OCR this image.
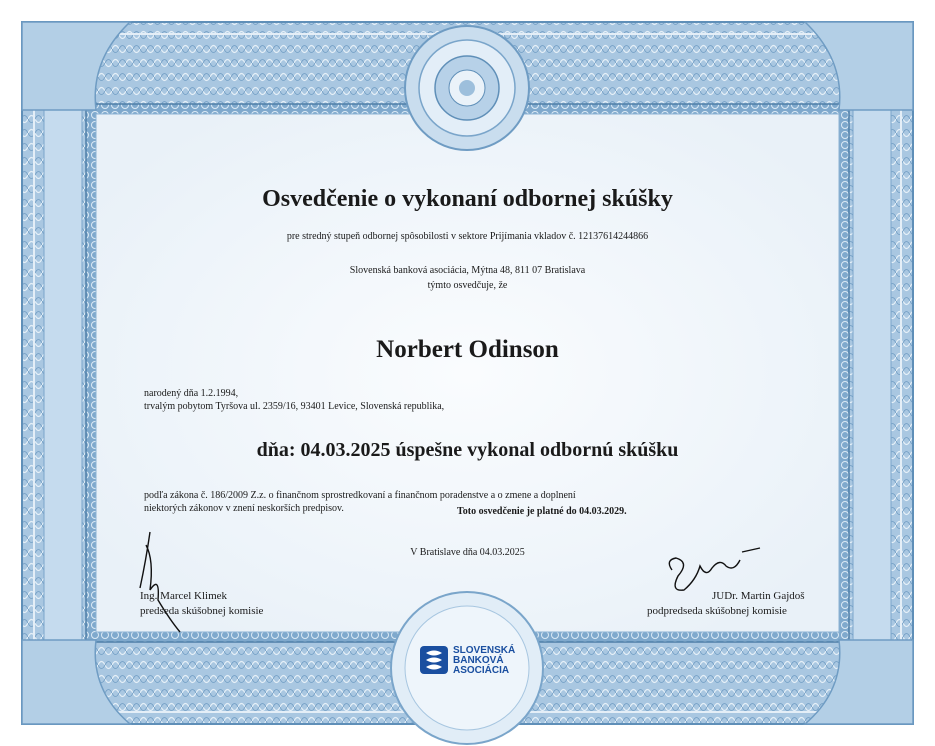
Osvedčenie o vykonaní odbornej skúšky

pre stredný stupeň odbornej spôsobilosti v sektore Prijímania vkladov č. 12137614244866

Slovenská banková asociácia, Mýtna 48, 811 07 Bratislava

týmto osvedčuje, že

Norbert Odinson

narodený dňa 1.2.1994,

trvalým pobytom Tyršova ul. 2359/16, 93401 Levice, Slovenská republika,

dňa: 04.03.2025 úspešne vykonal odbornú skúšku

podľa zákona č. 186/2009 Z.z. o finančnom sprostredkovaní a finančnom poradenstve a o zmene a doplnení

niektorých zákonov v znení neskorších predpisov.	Toto osvedčenie je platné do 04.03.2029.

V Bratislave dňa 04.03.2025

Ing. Marcel Klimek

predseda skúšobnej komisie

JUDr. Martin Gajdoš

podpredseda skúšobnej komisie

SLOVENSKÁ
BANKOVÁ
ASOCIÁCIA
